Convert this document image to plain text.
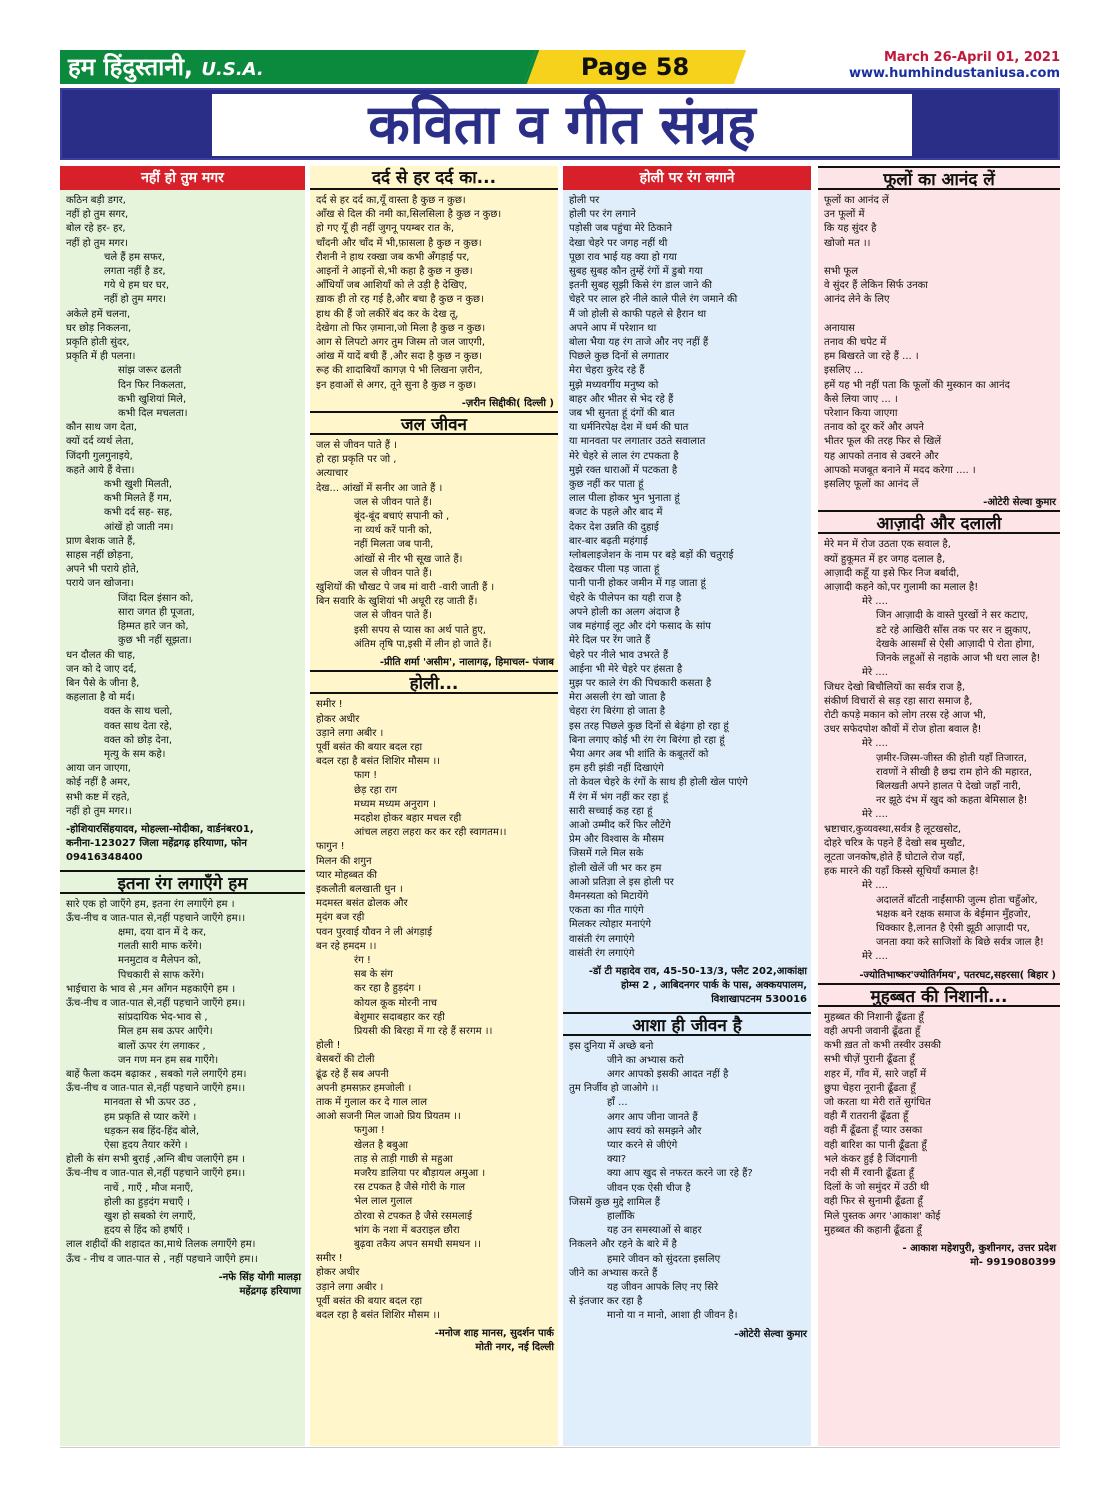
हम हिंदुस्तानी, U.S.A.	Page 58	March 26-April 01, 2021
www.humhindustaniusa.com
कविता व गीत संग्रह
नहीं हो तुम मगर
कठिन बड़ी डगर,
नहीं हो तुम सगर,
बोल रहे हर- हर,
नहीं हो तुम मगर।
चले हैं हम सफर,
लगता नहीं है डर,
गये थे हम घर घर,
नहीं हो तुम मगर।
अकेले हमें चलना,
घर छोड़ निकलना,
प्रकृति होती सुंदर,
प्रकृति में ही पलना।
सांझ जरूर ढलती
दिन फिर निकलता,
कभी खुशियां मिले,
कभी दिल मचलता।
कौन साथ जग देता,
क्यों दर्द व्यर्थ लेता,
जिंदगी गुलगुनाइये,
कहते आये हैं वेत्ता।
कभी खुशी मिलती,
कभी मिलते हैं गम,
कभी दर्द सह- सह,
आंखें हो जाती नम।
प्राण बेशक जाते हैं,
साहस नहीं छोड़ना,
अपने भी पराये होते,
पराये जन खोजना।
जिंदा दिल इंसान को,
सारा जगत ही पूजता,
हिम्मत हारे जन को,
कुछ भी नहीं सूझता।
धन दौलत की चाह,
जन को दे जाए दर्द,
बिन पैसे के जीना है,
कहलाता है वो मर्द।
वक्त के साथ चलो,
वक्त साथ देता रहे,
वक्त को छोड़ देना,
मृत्यु के सम कहे।
आया जन जाएगा,
कोई नहीं है अमर,
सभी कष्ट में रहते,
नहीं हो तुम मगर।।
-होशियारसिंहयादव, मोहल्ला-मोदीका, वार्डनंबर01, कनीना-123027 जिला महेंद्रगढ़ हरियाणा, फोन 09416348400
इतना रंग लगाएँगे हम
सारे एक हो जाएँगे हम, इतना रंग लगाएँगे हम ।
ऊँच-नीच व जात-पात से,नहीं पहचाने जाएँगे हम।।
क्षमा, दया दान में दे कर,
गलती सारी माफ करेंगे।
मनमुटाव व मैलेपन को,
पिचकारी से साफ करेंगे।
भाईचारा के भाव से ,मन आँगन महकाएँगे हम ।
ऊँच-नीच व जात-पात से,नहीं पहचाने जाएँगे हम।।
सांप्रदायिक भेद-भाव से ,
मिल हम सब ऊपर आएँगे।
बालों ऊपर रंग लगाकर ,
जन गण मन हम सब गाएँगे।
बाहें फैला कदम बढ़ाकर , सबको गले लगाएँगे हम।
ऊँच-नीच व जात-पात से,नहीं पहचाने जाएँगे हम।।
मानवता से भी ऊपर उठ ,
हम प्रकृति से प्यार करेंगे ।
धड़कन सब हिंद-हिंद बोले,
ऐसा हृदय तैयार करेंगे ।
होली के संग सभी बुराई ,अग्नि बीच जलाएँगे हम ।
ऊँच-नीच व जात-पात से,नहीं पहचाने जाएँगे हम।।
नाचें , गाएँ , मौज मनाएँ,
होली का हुड़दंग मचाएँ ।
खुश हो सबको रंग लगाएँ,
हृदय से हिंद को हर्षाएँ ।
लाल शहीदों की शहादत का,माथे तिलक लगाएँगे हम।
ऊँच - नीच व जात-पात से , नहीं पहचाने जाएँगे हम।।
-नफे सिंह योगी मालड़ा
महेंद्रगढ़ हरियाणा
दर्द से हर दर्द का...
दर्द से हर दर्द का,यूँ वास्ता है कुछ न कुछ।
आँख से दिल की नमी का,सिलसिला है कुछ न कुछ।
हो गए यूँ ही नहीं जुगनू पयम्बर रात के,
चाँदनी और चाँद में भी,फ़ासला है कुछ न कुछ।
रौशनी ने हाथ रक्खा जब कभी अँगड़ाई पर,
आइनों ने आइनों से,भी कहा है कुछ न कुछ।
आँधियाँ जब आशियाँ को ले उड़ी है देखिए,
ख़ाक ही तो रह गई है,और बचा है कुछ न कुछ।
हाथ की हैं जो लकीरें बंद कर के देख तू,
देखेगा तो फिर ज़माना,जो मिला है कुछ न कुछ।
आग से लिपटो अगर तुम जिस्म तो जल जाएगी,
आंख में यादें बची हैं ,और सदा है कुछ न कुछ।
रूह की शादाबियाँ कागज़ पे भी लिखना ज़रीन,
इन हवाओं से अगर, तूने सुना है कुछ न कुछ।
-ज़रीन सिद्दीकी( दिल्ली )
जल जीवन
जल से जीवन पाते हैं ।
हो रहा प्रकृति पर जो ,
अत्याचार
देख... आंखों में सनीर आ जाते हैं ।
जल से जीवन पाते हैं।
बूंद-बूंद बचाएं सपानी को ,
ना व्यर्थ करें पानी को,
नहीं मिलता जब पानी,
आंखों से नीर भी सूख जाते हैं।
जल से जीवन पाते हैं।
खुशियों की चौखट पे जब मां वारी -वारी जाती हैं ।
बिन सवारि के खुशियां भी अधूरी रह जाती हैं।
जल से जीवन पाते हैं।
इसी सपय से प्यास का अर्थ पाते हुए,
अंतिम तृषि पा,इसी में लीन हो जाते हैं।
-प्रीति शर्मा 'असीम', नालागढ़, हिमाचल- पंजाब
होली...
समीर !
होकर अधीर
उड़ाने लगा अबीर ।
पूर्वी बसंत की बयार बदल रहा
बदल रहा है बसंत शिशिर मौसम ।।
फाग !
छेड़ रहा राग
मध्यम मध्यम अनुराग ।
मदहोश होकर बहार मचल रही
आंचल लहरा लहरा कर कर रही स्वागतम।।
फागुन !
मिलन की शगुन
प्यार मोहब्बत की
इकलौती बलखाती धुन ।
मदमस्त बसंत ढोलक और
मृदंग बज रही
पवन पुरवाई यौवन ने ली अंगड़ाई
बन रहे हमदम ।।
रंग !
सब के संग
कर रहा है हुड़दंग ।
कोयल कूक मोरनी नाच
बेशुमार सदाबहार कर रही
प्रियसी की बिरहा में गा रहे हैं सरगम ।।
होली !
बेसबरों की टोली
ढूंढ रहे हैं सब अपनी
अपनी हमसफ़र हमजोली ।
ताक में गुलाल कर दे गाल लाल
आओ सजनी मिल जाओ प्रिय प्रियतम ।।
फगुआ !
खेलत है बबुआ
ताड़ से ताड़ी गाछी से महुआ
मजरैय डालिया पर बौड़ायल अमुआ ।
रस टपकत है जैसे गोरी के गाल
भेल लाल गुलाल
ठोरवा से टपकत है जैसे रसमलाई
भांग के नशा में बउराइल छौरा
बुढ़वा तकैय अपन समधी समधन ।।
समीर !
होकर अधीर
उड़ाने लगा अबीर ।
पूर्वी बसंत की बयार बदल रहा
बदल रहा है बसंत शिशिर मौसम ।।
-मनोज शाह मानस, सुदर्शन पार्क
मोती नगर, नई दिल्ली
होली पर रंग लगाने
होली पर
होली पर रंग लगाने
पड़ोसी जब पहुंचा मेरे ठिकाने
देखा चेहरे पर जगह नहीं थी
पूछा राव भाई यह क्या हो गया
सुबह सुबह कौन तुम्हें रंगों में डुबो गया
इतनी सुबह सूझी किसे रंग डाल जाने की
चेहरे पर लाल हरे नीले काले पीले रंग जमाने की
मैं जो होली से काफी पहले से हैरान था
अपने आप में परेशान था
बोला भैया यह रंग ताजे और नए नहीं हैं
पिछले कुछ दिनों से लगातार
मेरा चेहरा कुरेद रहे हैं
मुझे मध्यवर्गीय मनुष्य को
बाहर और भीतर से भेद रहे हैं
जब भी सुनता हूं दंगों की बात
या धर्मनिरपेक्ष देश में धर्म की घात
या मानवता पर लगातार उठते सवालात
मेरे चेहरे से लाल रंग टपकता है
मुझे रक्त धाराओं में पटकता है
कुछ नहीं कर पाता हूं
लाल पीला होकर भुन भुनाता हूं
बजट के पहले और बाद में
देकर देश उन्नति की दुहाई
बार-बार बढ़ती महंगाई
ग्लोबलाइजेशन के नाम पर बड़े बड़ों की चतुराई
देखकर पीला पड़ जाता हूं
पानी पानी होकर जमीन में गड़ जाता हूं
चेहरे के पीलेपन का यही राज है
अपने होली का अलग अंदाज है
जब महंगाई लूट और दंगे फसाद के सांप
मेरे दिल पर रेंग जाते हैं
चेहरे पर नीले भाव उभरते हैं
आईना भी मेरे चेहरे पर हंसता है
मुझ पर काले रंग की पिचकारी कसता है
मेरा असली रंग खो जाता है
चेहरा रंग बिरंगा हो जाता है
इस तरह पिछले कुछ दिनों से बेढ़ंगा हो रहा हूं
बिना लगाए कोई भी रंग रंग बिरंगा हो रहा हूं
भैया अगर अब भी शांति के कबूतरों को
हम हरी झंडी नहीं दिखाएंगे
तो केवल चेहरे के रंगों के साथ ही होली खेल पाएंगे
मैं रंग में भंग नहीं कर रहा हूं
सारी सच्चाई कह रहा हूं
आओ उम्मीद करें फिर लौटेंगे
प्रेम और विश्वास के मौसम
जिसमें गले मिल सके
होली खेलें जी भर कर हम
आओ प्रतिज्ञा ले इस होली पर
वैमनस्यता को मिटायेंगे
एकता का गीत गाएंगे
मिलकर त्योहार मनाएंगे
वासंती रंग लगाएंगे
वासंती रंग लगाएंगे
-डॉ टी महादेव राव, 45-50-13/3, फ्लैट 202,आकांक्षा होम्स 2 , आबिदनगर पार्क के पास, अक्कयपालम, विशाखापटनम 530016
आशा ही जीवन है
इस दुनिया में अच्छे बनो
जीने का अभ्यास करो
अगर आपको इसकी आदत नहीं है
तुम निर्जीव हो जाओगे ।।
हाँ ...
अगर आप जीना जानते हैं
आप स्वयं को समझने और
प्यार करने से जीएंगे
क्या?
क्या आप खुद से नफरत करने जा रहे हैं?
जीवन एक ऐसी चीज है
जिसमें कुछ मुद्दे शामिल हैं
हालाँकि
यह उन समस्याओं से बाहर
निकलने और रहने के बारे में है
हमारे जीवन को सुंदरता इसलिए
जीने का अभ्यास करते हैं
यह जीवन आपके लिए नए सिरे
से इंतजार कर रहा है
मानो या न मानो, आशा ही जीवन है।
-ओटेरी सेल्वा कुमार
फूलों का आनंद लें
फूलों का आनंद लें
उन फूलों में
कि यह सुंदर है
खोजो मत ।।

सभी फूल
वे सुंदर हैं लेकिन सिर्फ उनका
आनंद लेने के लिए

अनायास
तनाव की चपेट में
हम बिखरते जा रहे हैं ... ।
इसलिए ...
हमें यह भी नहीं पता कि फूलों की मुस्कान का आनंद
कैसे लिया जाए ... ।
परेशान किया जाएगा
तनाव को दूर करें और अपने
भीतर फूल की तरह फिर से खिलें
यह आपको तनाव से उबरने और
आपको मजबूत बनाने में मदद करेगा .... ।
इसलिए फूलों का आनंद लें
-ओटेरी सेल्वा कुमार
आज़ादी और दलाली
मेरे मन में रोज उठता एक सवाल है,
क्यों हुकूमत में हर जगह दलाल है,
आज़ादी कहूँ या इसे फिर निज बर्बादी,
आज़ादी कहने को,पर गुलामी का मलाल है!
मेरे ....
जिन आज़ादी के वास्ते पुरखों ने सर कटाए,
डटे रहे आखिरी साँस तक पर सर न झुकाए,
देखके आसमाँ से ऐसी आज़ादी पे रोता होगा,
जिनके लहूओं से नहाके आज भी धरा लाल है!
मेरे ....
जिधर देखो बिचौलियों का सर्वत्र राज है,
संकीर्ण विचारों से सड़ रहा सारा समाज है,
रोटी कपड़े मकान को लोग तरस रहे आज भी,
उधर सफेदपोश कौवों में रोज होता बवाल है!
मेरे ....
ज़मीर-जिस्म-जीस्त की होती यहाँ तिजारत,
रावणों ने सीखी है छद्म राम होने की महारत,
बिलखती अपने हालत पे देखो जहाँ नारी,
नर झूठे दंभ में खुद को कहता बेमिसाल है!
मेरे ....
भ्रष्टाचार,कुव्यवस्था,सर्वत्र है लूटखसोट,
दोहरे चरित्र के पहने हैं देखो सब मुखौट,
लूटता जनकोष,होते हैं घोटाले रोज यहाँ,
हक मारने की यहाँ किस्से सूचियाँ कमाल है!
मेरे ....
अदालतें बाँटती नाईंसाफी जुल्म होता चहुँओर,
भक्षक बने रक्षक समाज के बेईमान मुँहजोर,
धिक्कार है,लानत है ऐसी झूठी आज़ादी पर,
जनता क्या करे साजिशों के बिछे सर्वत्र जाल है!
मेरे ....
-ज्योतिभाष्कर'ज्योतिर्गमय', पतरघट,सहरसा( बिहार )
मुहब्बत की निशानी...
मुहब्बत की निशानी ढूँढता हूँ
वही अपनी जवानी ढूँढता हूँ
कभी ख़त तो कभी तस्वीर उसकी
सभी चीज़ें पुरानी ढूँढता हूँ
शहर में, गाँव में, सारे जहाँ में
छुपा चेहरा नूरानी ढूँढता हूँ
जो करता था मेरी रातें सुगंधित
वही मैं रातरानी ढूँढता हूँ
वही मैं ढूँढता हूँ प्यार उसका
वही बारिश का पानी ढूँढता हूँ
भले कंकर हुई है जिंदगानी
नदी सी मैं रवानी ढूँढता हूँ
दिलों के जो समुंदर में उठी थी
वही फिर से सुनामी ढूँढता हूँ
मिले पुस्तक अगर 'आकाश' कोई
मुहब्बत की कहानी ढूँढता हूँ
- आकाश महेशपुरी, कुशीनगर, उत्तर प्रदेश
मो- 9919080399
